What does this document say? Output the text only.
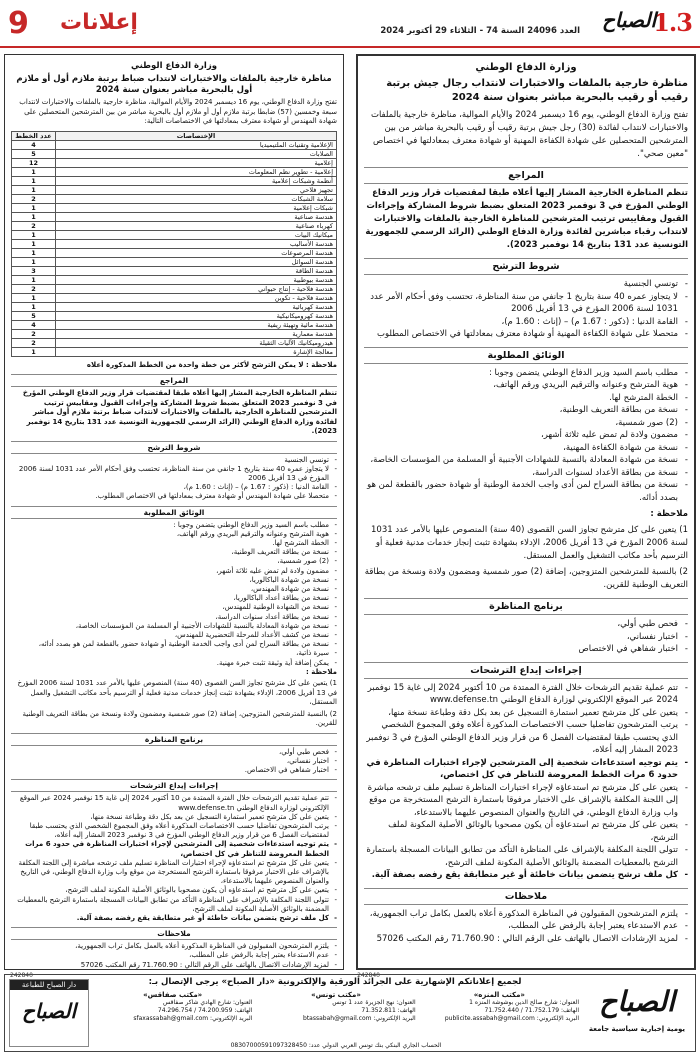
1.3
الصباح
العدد 24096 السنة 74 - الثلاثاء 29 أكتوبر 2024
إعلانات
9
وزارة الدفاع الوطني
مناظرة خارجية بالملفات والاختبارات لانتداب رجال جيش برتبة رقيب أو رقيب بالبحرية مباشر بعنوان سنة 2024

تفتح وزارة الدفاع الوطني، يوم 16 ديسمبر 2024 والأيام الموالية، مناظرة خارجية بالملفات والاختبارات لانتداب لفائدة (30) رجل جيش برتبة رقيب أو رقيب بالبحرية مباشر من بين المترشحين المتحصلين على شهادة الكفاءة المهنية أو شهادة معترف بمعادلتها في اختصاص "معين صحي".

المراجع

تنظم المناظرة الخارجية المشار إليها أعلاه طبقا لمقتضيات قرار وزير الدفاع الوطني المؤرخ في 3 نوفمبر 2023 المتعلق بضبط شروط المشاركة وإجراءات القبول ومقاييس ترتيب المترشحين للمناظرة الخارجية بالملفات والاختبارات لانتداب رقباء مباشرين لفائدة وزارة الدفاع الوطني (الرائد الرسمي للجمهورية التونسية عدد 131 بتاريخ 14 نوفمبر 2023).

شروط الترشح
- تونسي الجنسية
- لا يتجاوز عمره 40 سنة بتاريخ 1 جانفي من سنة المناظرة، تحتسب وفق أحكام الأمر عدد 1031 لسنة 2006 المؤرخ في 13 أفريل 2006
- القامة الدنيا : (ذكور : 1.67 م) – (إناث : 1.60 م)،
- متحصلا على شهادة الكفاءة المهنية أو شهادة معترف بمعادلتها في الاختصاص المطلوب
الوثائق المطلوبة
- مطلب باسم السيد وزير الدفاع الوطني يتضمن وجوبا :
- هوية المترشح وعنوانه والترقيم البريدي ورقم الهاتف،
- الخطة المترشح لها.
- نسخة من بطاقة التعريف الوطنية،
- (2) صور شمسية،
- مضمون ولادة لم تمض عليه ثلاثة أشهر،
- نسخة من شهادة الكفاءة المهنية،
- نسخة من شهادة المعادلة بالنسبة للشهادات الأجنبية أو المسلمة من المؤسسات الخاصة،
- نسخة من بطاقة الأعداد لسنوات الدراسة،
- نسخة من بطاقة السراح لمن أدى واجب الخدمة الوطنية أو شهادة حضور بالقطعة لمن هو بصدد أدائه.
ملاحظة :

1) يتعين على كل مترشح تجاوز السن القصوى (40 سنة) المنصوص عليها بالأمر عدد 1031 لسنة 2006 المؤرخ في 13 أفريل 2006، الإدلاء بشهادة تثبت إنجاز خدمات مدنية فعلية أو الترسيم بأحد مكاتب التشغيل والعمل المستقل.

2) بالنسبة للمترشحين المتزوجين، إضافة (2) صور شمسية ومضمون ولادة ونسخة من بطاقة التعريف الوطنية للقرين.

برنامج المناظرة
- فحص طبي أولي،
- اختبار نفساني،
- اختبار شفاهي في الاختصاص
إجراءات إيداع الترشحات
- تتم عملية تقديم الترشحات خلال الفترة الممتدة من 10 أكتوبر 2024 إلى غاية 15 نوفمبر 2024 عبر الموقع الإلكتروني لوزارة الدفاع الوطني www.defense.tn
- يتعين على كل مترشح تعمير استمارة التسجيل عن بعد بكل دقة وطباعة نسخة منها،
- يرتب المترشحون تفاضليا حسب الاختصاصات المذكورة أعلاه وفق المجموع الشخصي الذي يحتسب طبقا لمقتضيات الفصل 6 من قرار وزير الدفاع الوطني المؤرخ في 3 نوفمبر 2023 المشار إليه أعلاه،
- يتم توجيه استدعاءات شخصية إلى المترشحين لإجراء اختبارات المناظرة في حدود 6 مرات الخطط المعروضة للتناظر في كل اختصاص،
- يتعين على كل مترشح تم استدعاؤه لإجراء اختبارات المناظرة تسليم ملف ترشحه مباشرة إلى اللجنة المكلفة بالإشراف على الاختبار مرفوقا باستمارة الترشح المستخرجة من موقع واب وزارة الدفاع الوطني، في التاريخ والعنوان المنصوص عليهما بالاستدعاء،
- يتعين على كل مترشح تم استدعاؤه أن يكون مصحوبا بالوثائق الأصلية المكونة لملف الترشح،
- تتولى اللجنة المكلفة بالإشراف على المناظرة التأكد من تطابق البيانات المسجلة باستمارة الترشح بالمعطيات المضمنة بالوثائق الأصلية المكونة لملف الترشح،
- كل ملف ترشح يتضمن بيانات خاطئة أو غير متطابقة يقع رفضه بصفة آلية.
ملاحظات
- يلتزم المترشحون المقبولون في المناظرة المذكورة أعلاه بالعمل بكامل تراب الجمهورية،
- عدم الاستدعاء يعتبر إجابة بالرفض على المطلب،
- لمزيد الإرشادات الاتصال بالهاتف على الرقم التالي : 71.760.90 رقم المكتب 57026
وزارة الدفاع الوطني
مناظرة خارجية بالملفات والاختبارات لانتداب ضباط برتبة ملازم أول أو ملازم أول بالبحرية مباشر بعنوان سنة 2024

تفتح وزارة الدفاع الوطني، يوم 16 ديسمبر 2024 والأيام الموالية، مناظرة خارجية بالملفات والاختبارات لانتداب سبعة وخمسين (57) ضابطا برتبة ملازم أول أو ملازم أول بالبحرية مباشر من بين المترشحين المتحصلين على شهادة المهندس أو شهادة معترف بمعادلتها في الاختصاصات التالية:

الإختصاصات	عدد الخطط
الإعلامية وتقنيات الملتيميديا	4
الصلابات	5
إعلامية	12
إعلامية - تطوير نظم المعلومات	1
أنظمة وشبكات إعلامية	1
تجهيز فلاحي	1
سلامة الشبكات	2
شبكات إعلامية	1
هندسة صناعية	1
كهرباء صناعية	2
ميكانيك البيات	1
هندسة الأساليب	1
هندسة المرصوعات	1
هندسة السوائل	1
هندسة الطاقة	3
هندسة بيوطبية	1
هندسة فلاحية - إنتاج حيواني	2
هندسة فلاحية - تكوين	1
هندسة كهربائية	1
هندسة كهروميكانيكية	5
هندسة مائية وتهيئة ريفية	4
هندسة معمارية	2
هيدروميكانيك الآليات الثقيلة	2
معالجة الإشارة	1

ملاحظة : لا يمكن الترشح لأكثر من خطة واحدة من الخطط المذكورة أعلاه

المراجع

تنظم المناظرة الخارجية المشار إليها أعلاه طبقا لمقتضيات قرار وزير الدفاع الوطني المؤرخ في 3 نوفمبر 2023 المتعلق بضبط شروط المشاركة وإجراءات القبول ومقاييس ترتيب المترشحين للمناظرة الخارجية بالملفات والاختبارات لانتداب ضباط برتبة ملازم أول مباشر لفائدة وزارة الدفاع الوطني (الرائد الرسمي للجمهورية التونسية عدد 131 بتاريخ 14 نوفمبر 2023).

شروط الترشح
- تونسي الجنسية
- لا يتجاوز عمره 40 سنة بتاريخ 1 جانفي من سنة المناظرة، تحتسب وفق أحكام الأمر عدد 1031 لسنة 2006 المؤرخ في 13 أفريل 2006
- القامة الدنيا : (ذكور : 1.67 م) – (إناث : 1.60 م)،
- متحصلا على شهادة المهندس أو شهادة معترف بمعادلتها في الاختصاص المطلوب.
الوثائق المطلوبة
- مطلب باسم السيد وزير الدفاع الوطني يتضمن وجوبا :
- هوية المترشح وعنوانه والترقيم البريدي ورقم الهاتف،
- الخطة المترشح لها.
- نسخة من بطاقة التعريف الوطنية،
- (2) صور شمسية،
- مضمون ولادة لم تمض عليه ثلاثة أشهر،
- نسخة من شهادة الباكالوريا،
- نسخة من شهادة المهندس،
- نسخة من بطاقة أعداد الباكالوريا،
- نسخة من الشهادة الوطنية للمهندس،
- نسخة من بطاقة أعداد سنوات الدراسة،
- نسخة من شهادة المعادلة بالنسبة للشهادات الأجنبية أو المسلمة من المؤسسات الخاصة،
- نسخة من كشف الأعداد للمرحلة التحضيرية للمهندس،
- نسخة من بطاقة السراح لمن أدى واجب الخدمة الوطنية أو شهادة حضور بالقطعة لمن هو بصدد أدائه،
- سيرة ذاتية،
- يمكن إضافة أية وثيقة تثبت خبرة مهنية.
ملاحظة :

1) يتعين على كل مترشح تجاوز السن القصوى (40 سنة) المنصوص عليها بالأمر عدد 1031 لسنة 2006 المؤرخ في 13 أفريل 2006، الإدلاء بشهادة تثبت إنجاز خدمات مدنية فعلية أو الترسيم بأحد مكاتب التشغيل والعمل المستقل،

2) بالنسبة للمترشحين المتزوجين، إضافة (2) صور شمسية ومضمون ولادة ونسخة من بطاقة التعريف الوطنية للقرين.

برنامج المناظرة
- فحص طبي أولي،
- اختبار نفساني،
- اختبار شفاهي في الاختصاص.
إجراءات إيداع الترشحات
- تتم عملية تقديم الترشحات خلال الفترة الممتدة من 10 أكتوبر 2024 إلى غاية 15 نوفمبر 2024 عبر الموقع الإلكتروني لوزارة الدفاع الوطني www.defense.tn
- يتعين على كل مترشح تعمير استمارة التسجيل عن بعد بكل دقة وطباعة نسخة منها،
- يرتب المترشحون تفاضليا حسب الاختصاصات المذكورة أعلاه وفق المجموع الشخصي الذي يحتسب طبقا لمقتضيات الفصل 6 من قرار وزير الدفاع الوطني المؤرخ في 3 نوفمبر 2023 المشار إليه أعلاه،
- يتم توجيه استدعاءات شخصية إلى المترشحين لإجراء اختبارات المناظرة في حدود 6 مرات الخطط المعروضة للتناظر في كل اختصاص،
- يتعين على كل مترشح تم استدعاؤه لإجراء اختبارات المناظرة تسليم ملف ترشحه مباشرة إلى اللجنة المكلفة بالإشراف على الاختبار مرفوقا باستمارة الترشح المستخرجة من موقع واب وزارة الدفاع الوطني، في التاريخ والعنوان المنصوص عليهما بالاستدعاء،
- يتعين على كل مترشح تم استدعاؤه أن يكون مصحوبا بالوثائق الأصلية المكونة لملف الترشح،
- تتولى اللجنة المكلفة بالإشراف على المناظرة التأكد من تطابق البيانات المسجلة باستمارة الترشح بالمعطيات المضمنة بالوثائق الأصلية المكونة لملف الترشح،
- كل ملف ترشح يتضمن بيانات خاطئة أو غير متطابقة يقع رفضه بصفة آلية.
ملاحظات
- يلتزم المترشحون المقبولون في المناظرة المذكورة أعلاه بالعمل بكامل تراب الجمهورية،
- عدم الاستدعاء يعتبر إجابة بالرفض على المطلب،
- لمزيد الإرشادات الاتصال بالهاتف على الرقم التالي : 71.760.90 رقم المكتب 57026
242840
242840
الصباح
يومية إخبارية سياسية جامعة
لجميع إعلاناتكم الإشهارية على الجرائد الورقية والإلكترونية «دار الصباح» يرجى الإتصال بـ:
«مكتب المنزه»
العنوان: شارع صالح الدين بوشوشة المنزه 1
الهاتف: 71.752.179 / 71.752.440
البريد الإلكتروني: publicite.assabah@gmail.com
«مكتب تونس»
العنوان: نهج الجزيرة عدد 1 تونس
الهاتف: 71.352.811
البريد الإلكتروني: btassabah@gmail.com
«مكتب صفاقس»
العنوان: شارع الهادي شاكر صفاقس
الهاتف: 74.200.959 / 74.296.754
البريد الإلكتروني: sfaxassabah@gmail.com
الحساب الجاري البنكي بنك تونس العربي الدولي عدد: 08307000591097328450
دار الصباح للطباعة
الصباح
